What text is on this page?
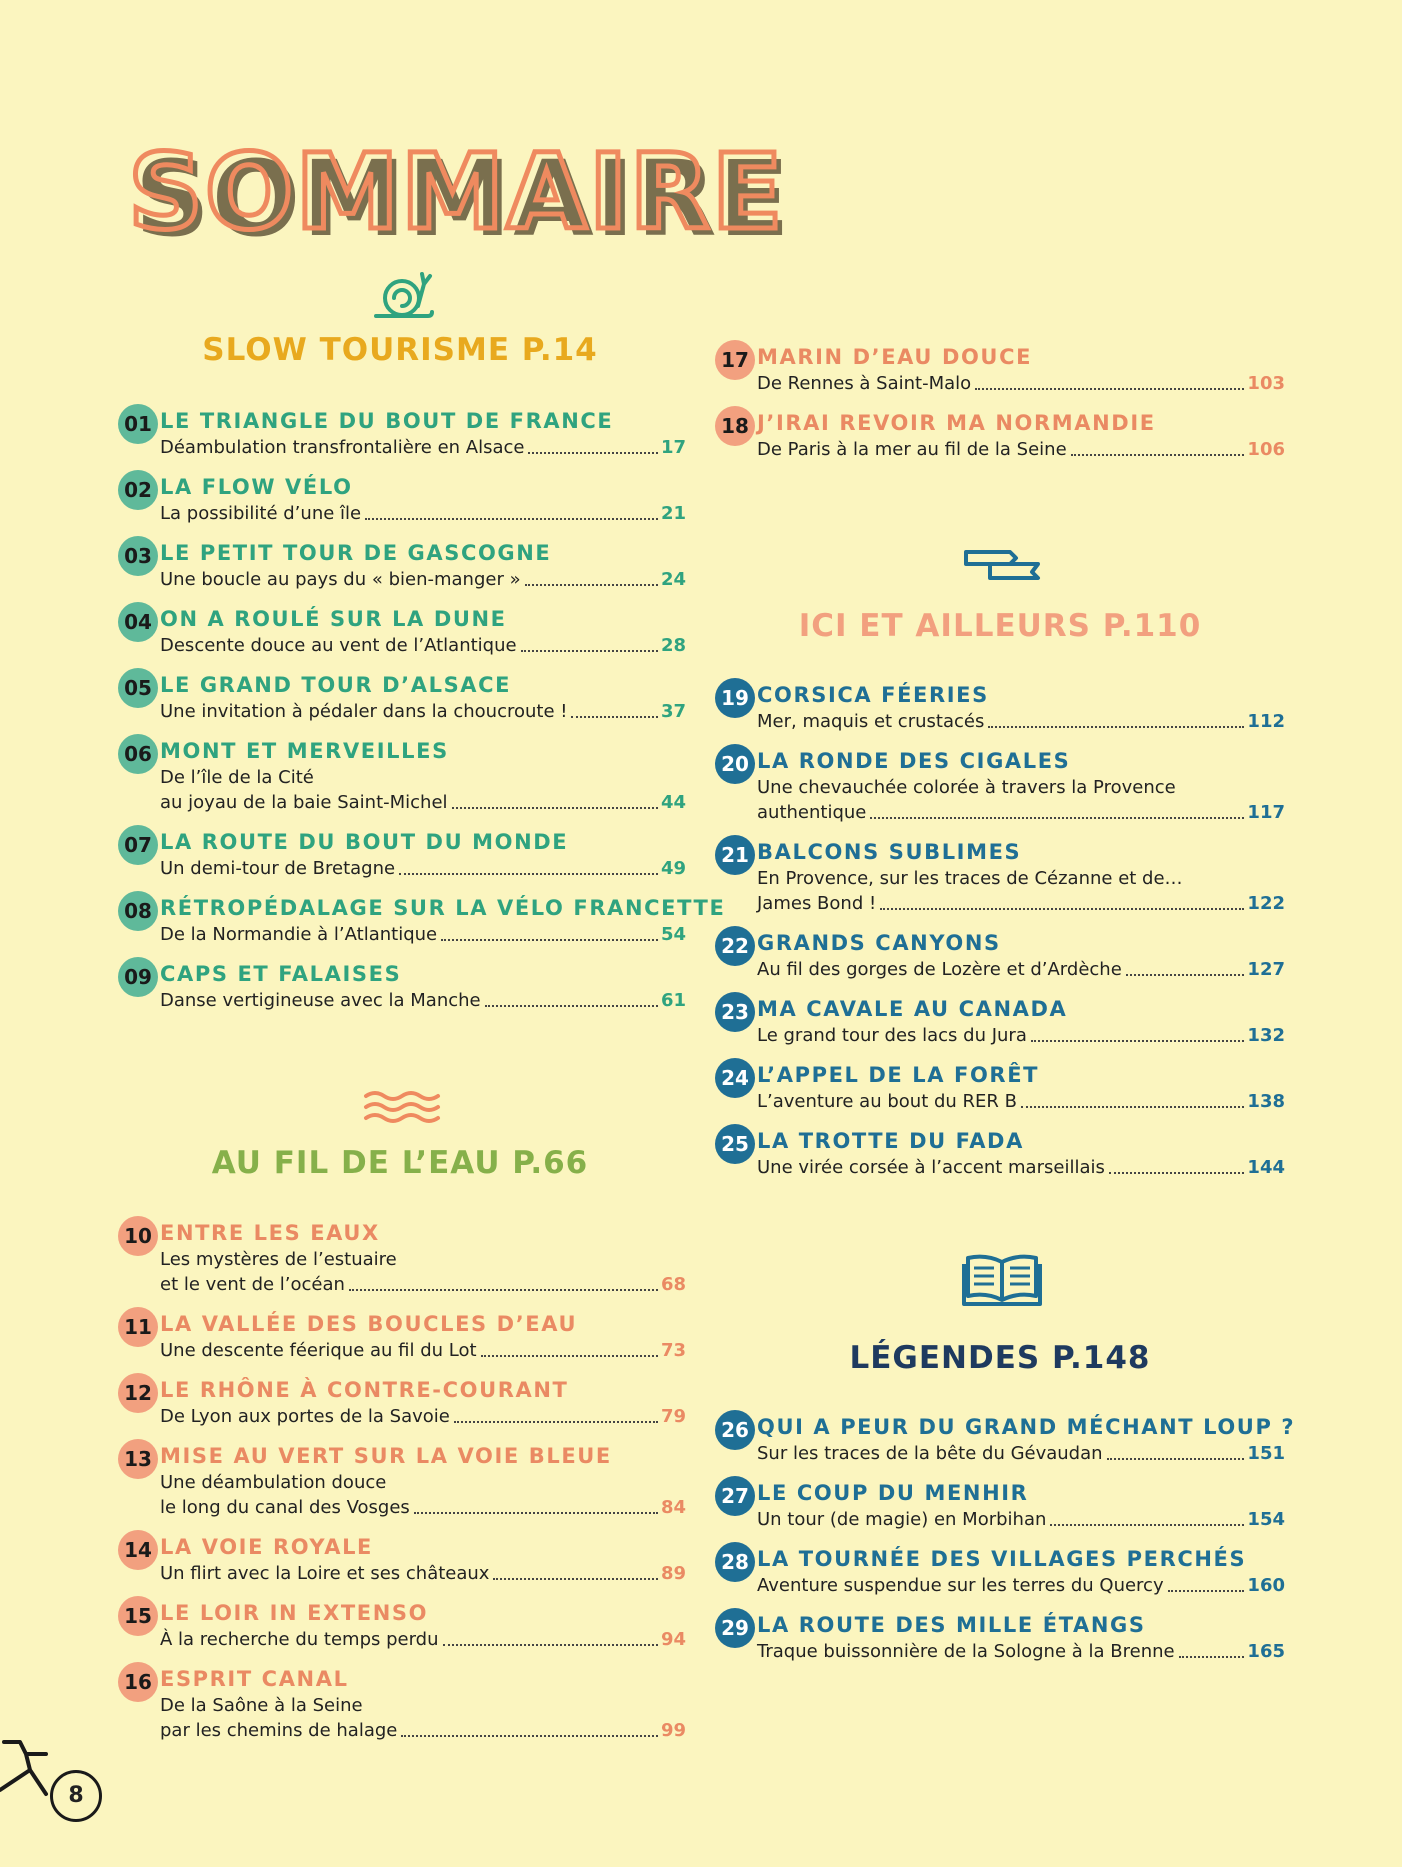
SOMMAIRE
SLOW TOURISME P.14
AU FIL DE L’EAU P.66
ICI ET AILLEURS P.110
LÉGENDES P.148
01 LE TRIANGLE DU BOUT DE FRANCE
Déambulation transfrontalière en Alsace	17
02 LA FLOW VÉLO
La possibilité d’une île	21
03 LE PETIT TOUR DE GASCOGNE
Une boucle au pays du « bien-manger »	24
04 ON A ROULÉ SUR LA DUNE
Descente douce au vent de l’Atlantique	28
05 LE GRAND TOUR D’ALSACE
Une invitation à pédaler dans la choucroute !	37
06 MONT ET MERVEILLES
De l’île de la Cité
au joyau de la baie Saint-Michel	44
07 LA ROUTE DU BOUT DU MONDE
Un demi-tour de Bretagne	49
08 RÉTROPÉDALAGE SUR LA VÉLO FRANCETTE
De la Normandie à l’Atlantique	54
09 CAPS ET FALAISES
Danse vertigineuse avec la Manche	61
10 ENTRE LES EAUX
Les mystères de l’estuaire
et le vent de l’océan	68
11 LA VALLÉE DES BOUCLES D’EAU
Une descente féerique au fil du Lot	73
12 LE RHÔNE À CONTRE-COURANT
De Lyon aux portes de la Savoie	79
13 MISE AU VERT SUR LA VOIE BLEUE
Une déambulation douce
le long du canal des Vosges	84
14 LA VOIE ROYALE
Un flirt avec la Loire et ses châteaux	89
15 LE LOIR IN EXTENSO
À la recherche du temps perdu	94
16 ESPRIT CANAL
De la Saône à la Seine
par les chemins de halage	99
17 MARIN D’EAU DOUCE
De Rennes à Saint-Malo	103
18 J’IRAI REVOIR MA NORMANDIE
De Paris à la mer au fil de la Seine	106
19 CORSICA FÉERIES
Mer, maquis et crustacés	112
20 LA RONDE DES CIGALES
Une chevauchée colorée à travers la Provence
authentique	117
21 BALCONS SUBLIMES
En Provence, sur les traces de Cézanne et de…
James Bond !	122
22 GRANDS CANYONS
Au fil des gorges de Lozère et d’Ardèche	127
23 MA CAVALE AU CANADA
Le grand tour des lacs du Jura	132
24 L’APPEL DE LA FORÊT
L’aventure au bout du RER B	138
25 LA TROTTE DU FADA
Une virée corsée à l’accent marseillais	144
26 QUI A PEUR DU GRAND MÉCHANT LOUP ?
Sur les traces de la bête du Gévaudan	151
27 LE COUP DU MENHIR
Un tour (de magie) en Morbihan	154
28 LA TOURNÉE DES VILLAGES PERCHÉS
Aventure suspendue sur les terres du Quercy	160
29 LA ROUTE DES MILLE ÉTANGS
Traque buissonnière de la Sologne à la Brenne	165
8
